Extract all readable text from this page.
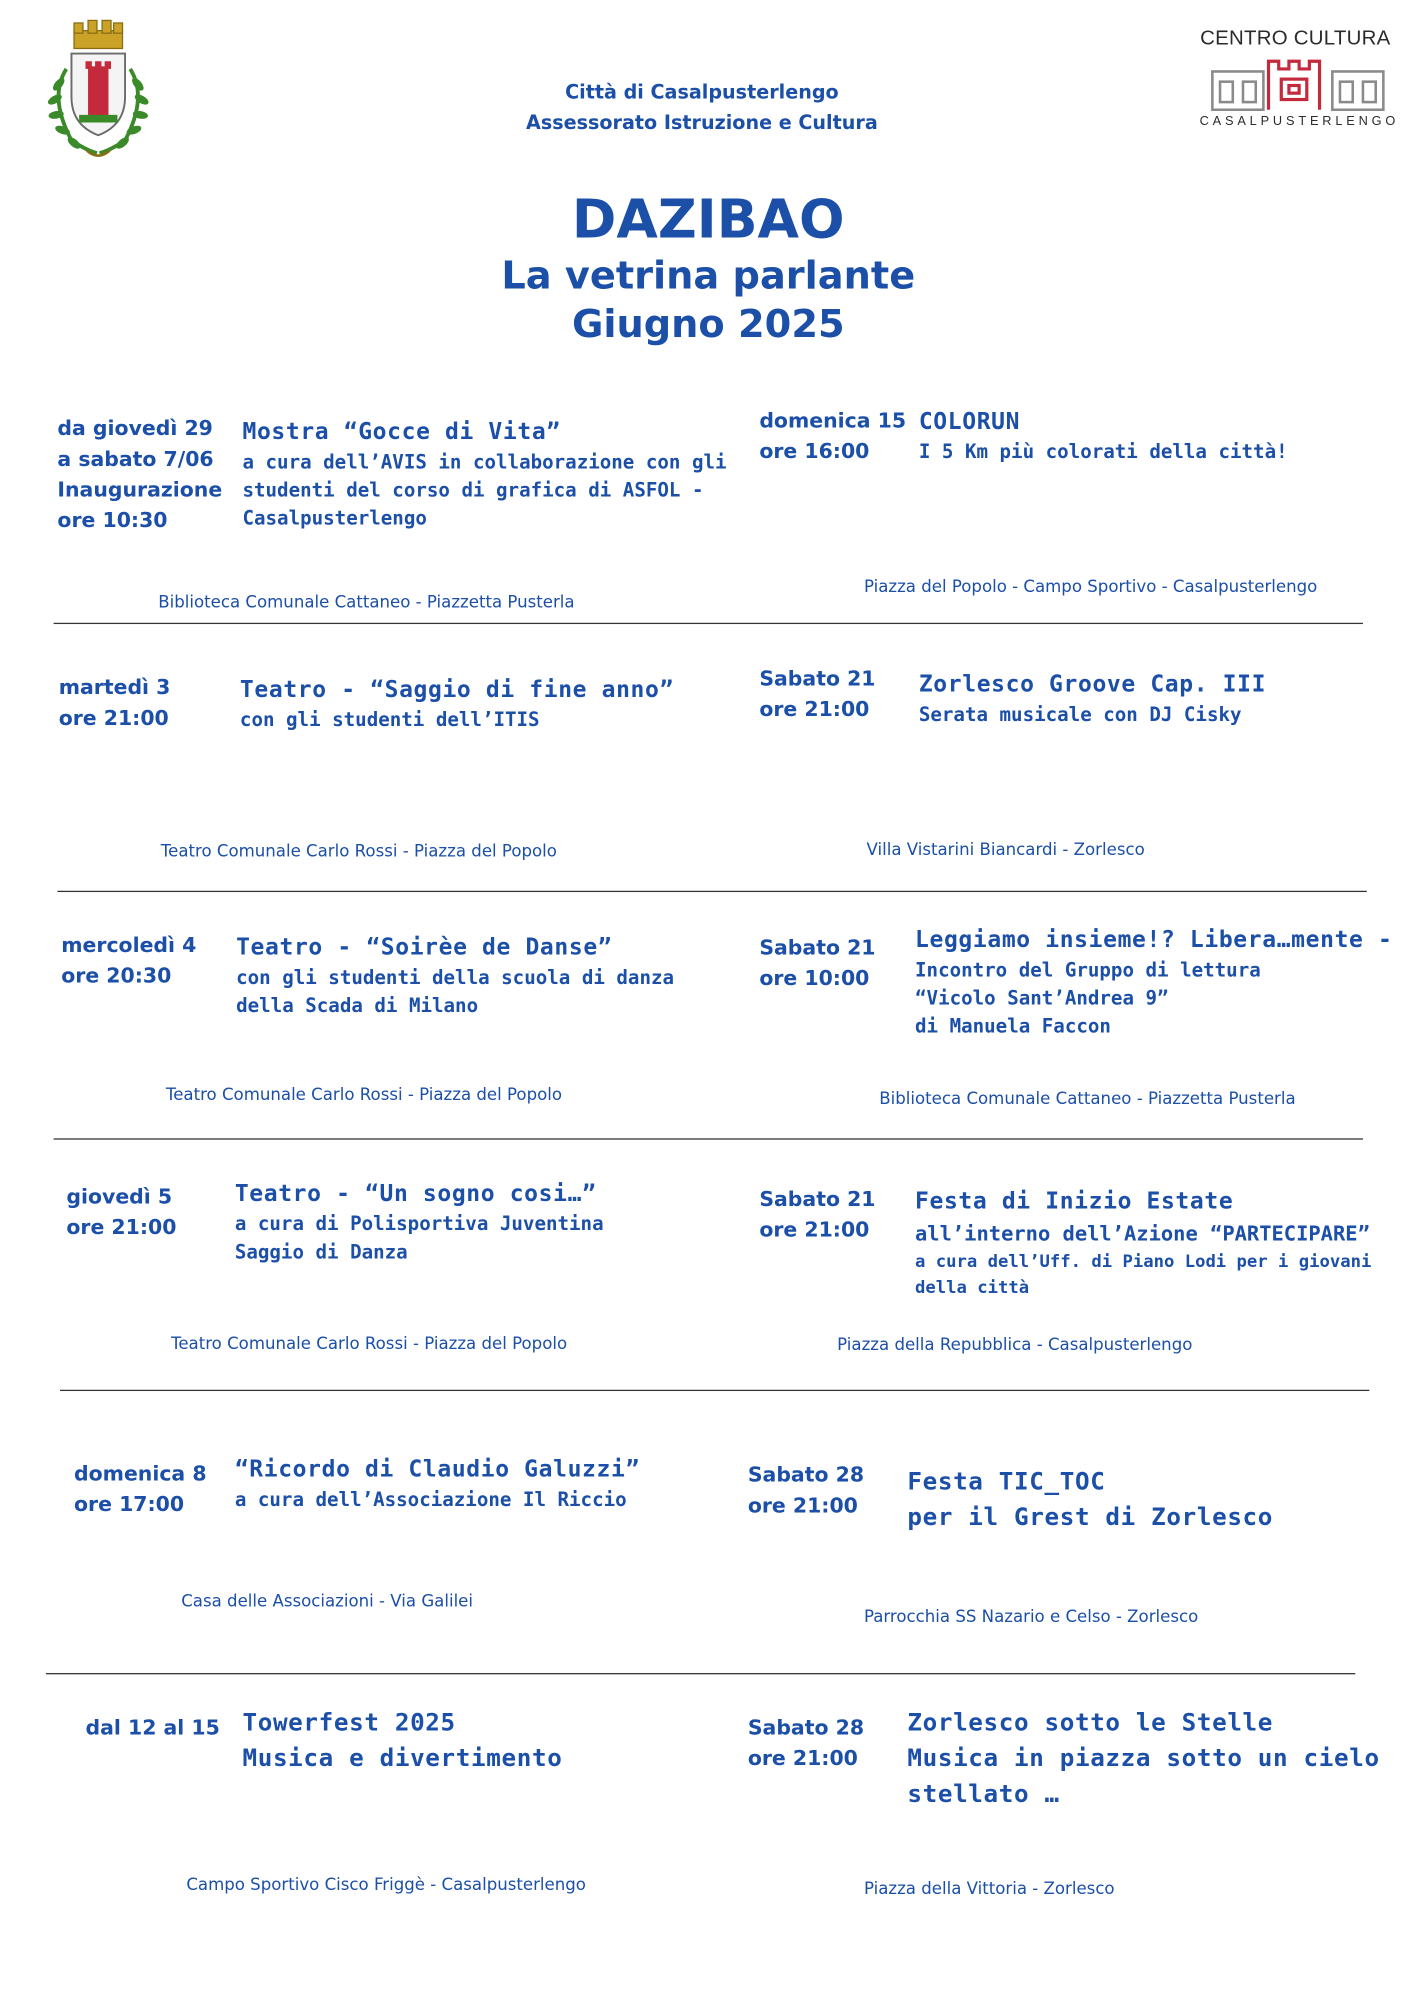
Città di Casalpusterlengo
Assessorato Istruzione e Cultura
CENTRO CULTURA
CASALPUSTERLENGO
DAZIBAO
La vetrina parlante
Giugno 2025
da giovedì 29
a sabato 7/06
Inaugurazione
ore 10:30
Mostra “Gocce di Vita”
a cura dell’AVIS in collaborazione con gli
studenti del corso di grafica di ASFOL -
Casalpusterlengo
Biblioteca Comunale Cattaneo - Piazzetta Pusterla
domenica 15
ore 16:00
COLORUN
I 5 Km più colorati della città!
Piazza del Popolo - Campo Sportivo - Casalpusterlengo
martedì 3
ore 21:00
Teatro - “Saggio di fine anno”
con gli studenti dell’ITIS
Teatro Comunale Carlo Rossi - Piazza del Popolo
Sabato 21
ore 21:00
Zorlesco Groove Cap. III
Serata musicale con DJ Cisky
Villa Vistarini Biancardi - Zorlesco
mercoledì 4
ore 20:30
Teatro - “Soirèe de Danse”
con gli studenti della scuola di danza
della Scada di Milano
Teatro Comunale Carlo Rossi - Piazza del Popolo
Sabato 21
ore 10:00
Leggiamo insieme!? Libera…mente -
Incontro del Gruppo di lettura
“Vicolo Sant’Andrea 9”
di Manuela Faccon
Biblioteca Comunale Cattaneo - Piazzetta Pusterla
giovedì 5
ore 21:00
Teatro - “Un sogno cosi…”
a cura di Polisportiva Juventina
Saggio di Danza
Teatro Comunale Carlo Rossi - Piazza del Popolo
Sabato 21
ore 21:00
Festa di Inizio Estate
all’interno dell’Azione “PARTECIPARE”
a cura dell’Uff. di Piano Lodi per i giovani
della città
Piazza della Repubblica - Casalpusterlengo
domenica 8
ore 17:00
“Ricordo di Claudio Galuzzi”
a cura dell’Associazione Il Riccio
Casa delle Associazioni - Via Galilei
Sabato 28
ore 21:00
Festa TIC_TOC
per il Grest di Zorlesco
Parrocchia SS Nazario e Celso - Zorlesco
dal 12 al 15 Towerfest 2025
Musica e divertimento
Campo Sportivo Cisco Friggè - Casalpusterlengo
Sabato 28
ore 21:00
Zorlesco sotto le Stelle
Musica in piazza sotto un cielo
stellato …
Piazza della Vittoria - Zorlesco
